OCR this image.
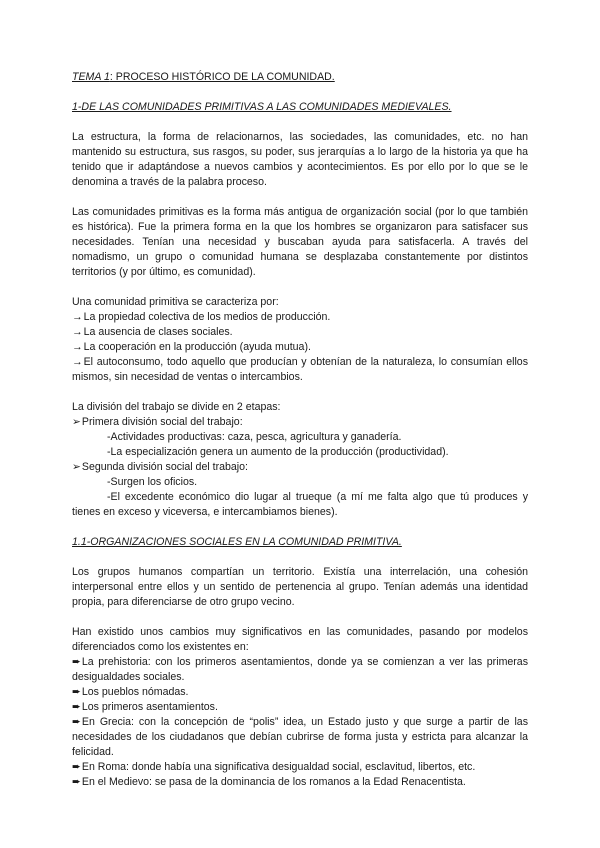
TEMA 1: PROCESO HISTÓRICO DE LA COMUNIDAD.

1-DE LAS COMUNIDADES PRIMITIVAS A LAS COMUNIDADES MEDIEVALES.

La estructura, la forma de relacionarnos, las sociedades, las comunidades, etc. no han mantenido su estructura, sus rasgos, su poder, sus jerarquías a lo largo de la historia ya que ha tenido que ir adaptándose a nuevos cambios y acontecimientos. Es por ello por lo que se le denomina a través de la palabra proceso.

Las comunidades primitivas es la forma más antigua de organización social (por lo que también es histórica). Fue la primera forma en la que los hombres se organizaron para satisfacer sus necesidades. Tenían una necesidad y buscaban ayuda para satisfacerla. A través del nomadismo, un grupo o comunidad humana se desplazaba constantemente por distintos territorios (y por último, es comunidad).

Una comunidad primitiva se caracteriza por:

→La propiedad colectiva de los medios de producción.

→La ausencia de clases sociales.

→La cooperación en la producción (ayuda mutua).

→El autoconsumo, todo aquello que producían y obtenían de la naturaleza, lo consumían ellos mismos, sin necesidad de ventas o intercambios.

La división del trabajo se divide en 2 etapas:

➢Primera división social del trabajo:

-Actividades productivas: caza, pesca, agricultura y ganadería.

-La especialización genera un aumento de la producción (productividad).

➢Segunda división social del trabajo:

-Surgen los oficios.

-El excedente económico dio lugar al trueque (a mí me falta algo que tú produces y tienes en exceso y viceversa, e intercambiamos bienes).

1.1-ORGANIZACIONES SOCIALES EN LA COMUNIDAD PRIMITIVA.

Los grupos humanos compartían un territorio. Existía una interrelación, una cohesión interpersonal entre ellos y un sentido de pertenencia al grupo. Tenían además una identidad propia, para diferenciarse de otro grupo vecino.

Han existido unos cambios muy significativos en las comunidades, pasando por modelos diferenciados como los existentes en:

➨La prehistoria: con los primeros asentamientos, donde ya se comienzan a ver las primeras desigualdades sociales.

➨Los pueblos nómadas.

➨Los primeros asentamientos.

➨En Grecia: con la concepción de “polis” idea, un Estado justo y que surge a partir de las necesidades de los ciudadanos que debían cubrirse de forma justa y estricta para alcanzar la felicidad.

➨En Roma: donde había una significativa desigualdad social, esclavitud, libertos, etc.

➨En el Medievo: se pasa de la dominancia de los romanos a la Edad Renacentista.
